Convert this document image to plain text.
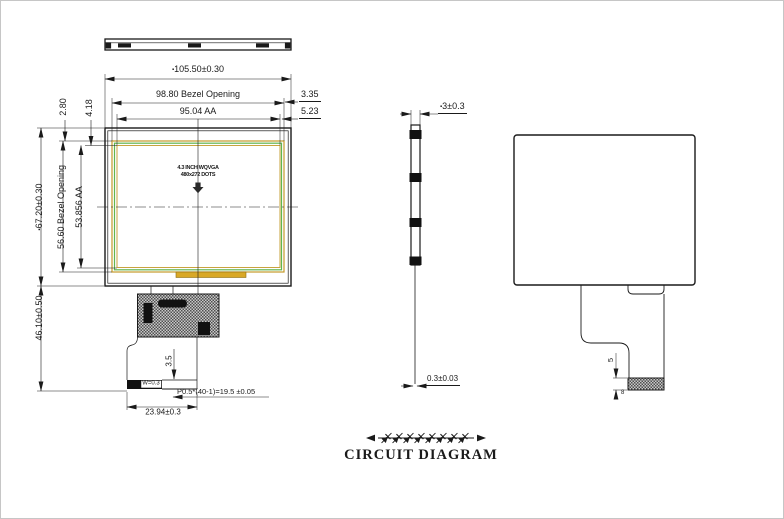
▪105.50±0.30
98.80 Bezel Opening
95.04 AA
3.35
5.23
2.80 4.18
▪67.20±0.30 56.60 Bezel Opening 53.856 AA
46.10±0.50
4.3 INCH WQVGA
480x272 DOTS
3.5
W=0.3
P0.5*(40-1)=19.5 ±0.05
23.94±0.3
▪3±0.3
0.3±0.03
5
8
CIRCUIT DIAGRAM
